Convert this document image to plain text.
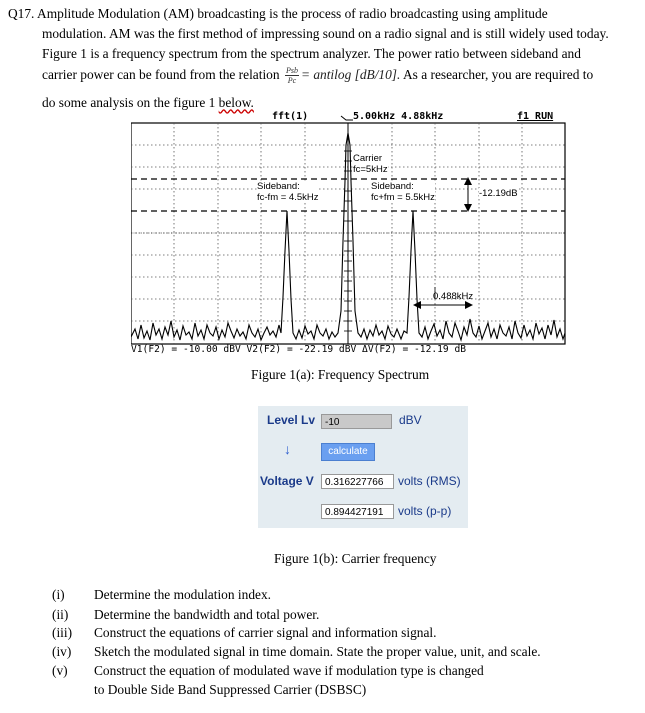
Q17. Amplitude Modulation (AM) broadcasting is the process of radio broadcasting using amplitude

modulation. AM was the first method of impressing sound on a radio signal and is still widely used today.

Figure 1 is a frequency spectrum from the spectrum analyzer. The power ratio between sideband and

carrier power can be found from the relation $\frac{\text{Psb}}{Pc}$ = antilog [dB/10]. As a researcher, you are required to

do some analysis on the figure 1 below.

fft(1)	5.00kHz 4.88kHz	f1 RUN
Carrier
fc=5kHz
Sideband:
fc-fm = 4.5kHz
Sideband:
fc+fm = 5.5kHz	-12.19dB
0.488kHz
V1(F2) = -10.00 dBV V2(F2) = -22.19 dBV ΔV(F2) = -12.19 dB
Figure 1(a): Frequency Spectrum
Level Lv -10	dBV
↓	calculate
Voltage V	0.316227766	volts (RMS)
0.894427191	volts (p-p)
Figure 1(b): Carrier frequency
(i) Determine the modulation index.
(ii) Determine the bandwidth and total power.
(iii) Construct the equations of carrier signal and information signal.
(iv) Sketch the modulated signal in time domain. State the proper value, unit, and scale.
(v) Construct the equation of modulated wave if modulation type is changed
to Double Side Band Suppressed Carrier (DSBSC)
